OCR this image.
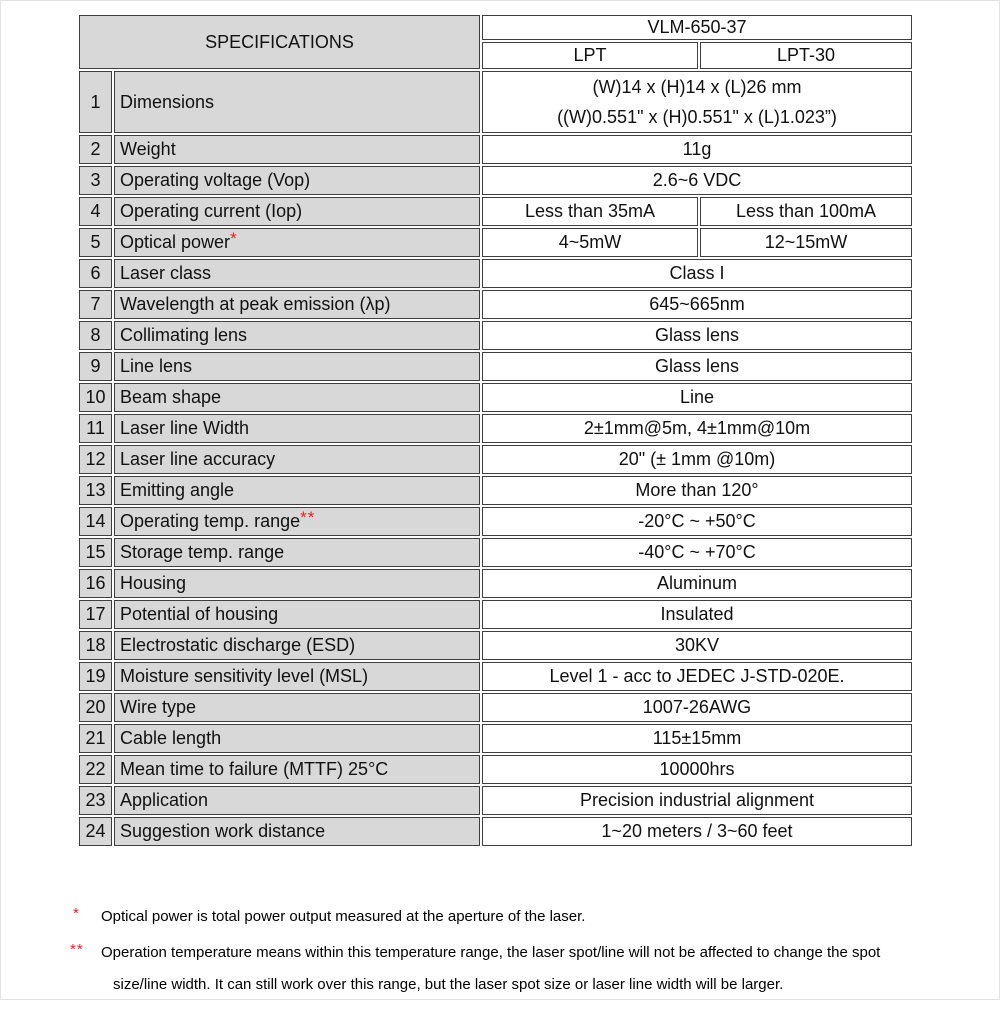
SPECIFICATIONS		VLM-650-37	
		LPT	LPT-30
1	Dimensions	(W)14 x (H)14 x (L)26 mm
((W)0.551" x (H)0.551" x (L)1.023”)	
2	Weight	11g	
3	Operating voltage (Vop)	2.6~6 VDC	
4	Operating current (Iop)	Less than 35mA	Less than 100mA
5	Optical power*	4~5mW	12~15mW
6	Laser class	Class I	
7	Wavelength at peak emission (λp)	645~665nm	
8	Collimating lens	Glass lens	
9	Line lens	Glass lens	
10	Beam shape	Line	
11	Laser line Width	2±1mm@5m, 4±1mm@10m	
12	Laser line accuracy	20" (± 1mm @10m)	
13	Emitting angle	More than 120°	
14	Operating temp. range**	-20°C ~ +50°C	
15	Storage temp. range	-40°C ~ +70°C	
16	Housing	Aluminum	
17	Potential of housing	Insulated	
18	Electrostatic discharge (ESD)	30KV	
19	Moisture sensitivity level (MSL)	Level 1 - acc to JEDEC J-STD-020E.	
20	Wire type	1007-26AWG	
21	Cable length	115±15mm	
22	Mean time to failure (MTTF) 25°C	10000hrs	
23	Application	Precision industrial alignment	
24	Suggestion work distance	1~20 meters / 3~60 feet	
* Optical power is total power output measured at the aperture of the laser.
** Operation temperature means within this temperature range, the laser spot/line will not be affected to change the spot
size/line width. It can still work over this range, but the laser spot size or laser line width will be larger.
